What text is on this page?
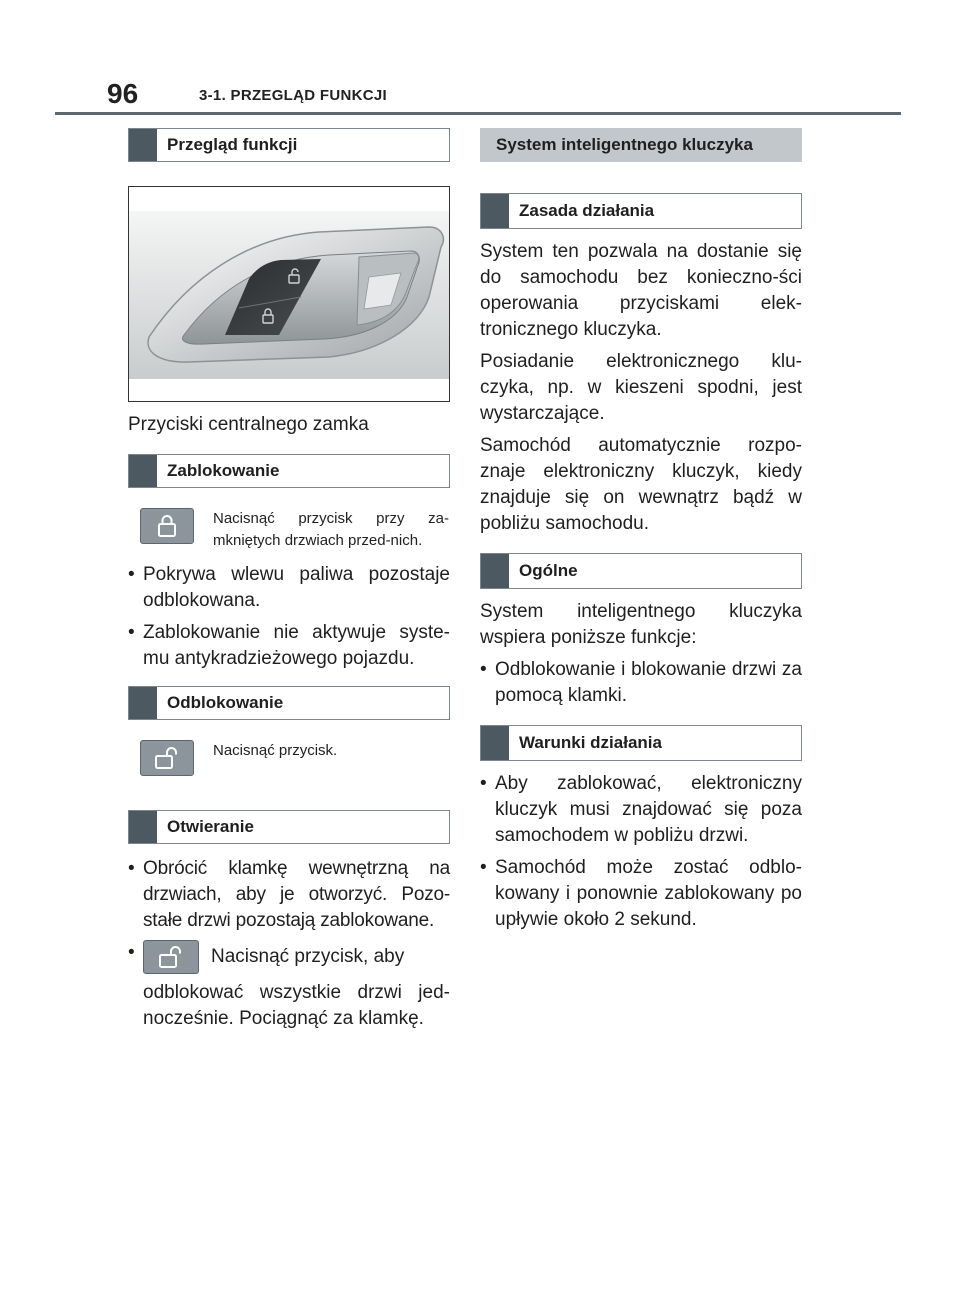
96	3-1. PRZEGLĄD FUNKCJI
Przegląd funkcji

Przyciski centralnego zamka

Zablokowanie
Nacisnąć przycisk przy za-mkniętych drzwiach przed-nich.
• Pokrywa wlewu paliwa pozostaje odblokowana.
• Zablokowanie nie aktywuje syste-mu antykradzieżowego pojazdu.
Odblokowanie
Nacisnąć przycisk.
Otwieranie
• Obrócić klamkę wewnętrzną na drzwiach, aby je otworzyć. Pozo-stałe drzwi pozostają zablokowane.
• Nacisnąć przycisk, aby
odblokować wszystkie drzwi jed-nocześnie. Pociągnąć za klamkę.
System inteligentnego kluczyka
Zasada działania

System ten pozwala na dostanie się do samochodu bez konieczno-ści operowania przyciskami elek-tronicznego kluczyka.

Posiadanie elektronicznego klu-czyka, np. w kieszeni spodni, jest wystarczające.

Samochód automatycznie rozpo-znaje elektroniczny kluczyk, kiedy znajduje się on wewnątrz bądź w pobliżu samochodu.

Ogólne

System inteligentnego kluczyka wspiera poniższe funkcje:

• Odblokowanie i blokowanie drzwi za pomocą klamki.
Warunki działania
• Aby zablokować, elektroniczny kluczyk musi znajdować się poza samochodem w pobliżu drzwi.
• Samochód może zostać odblo-kowany i ponownie zablokowany po upływie około 2 sekund.
